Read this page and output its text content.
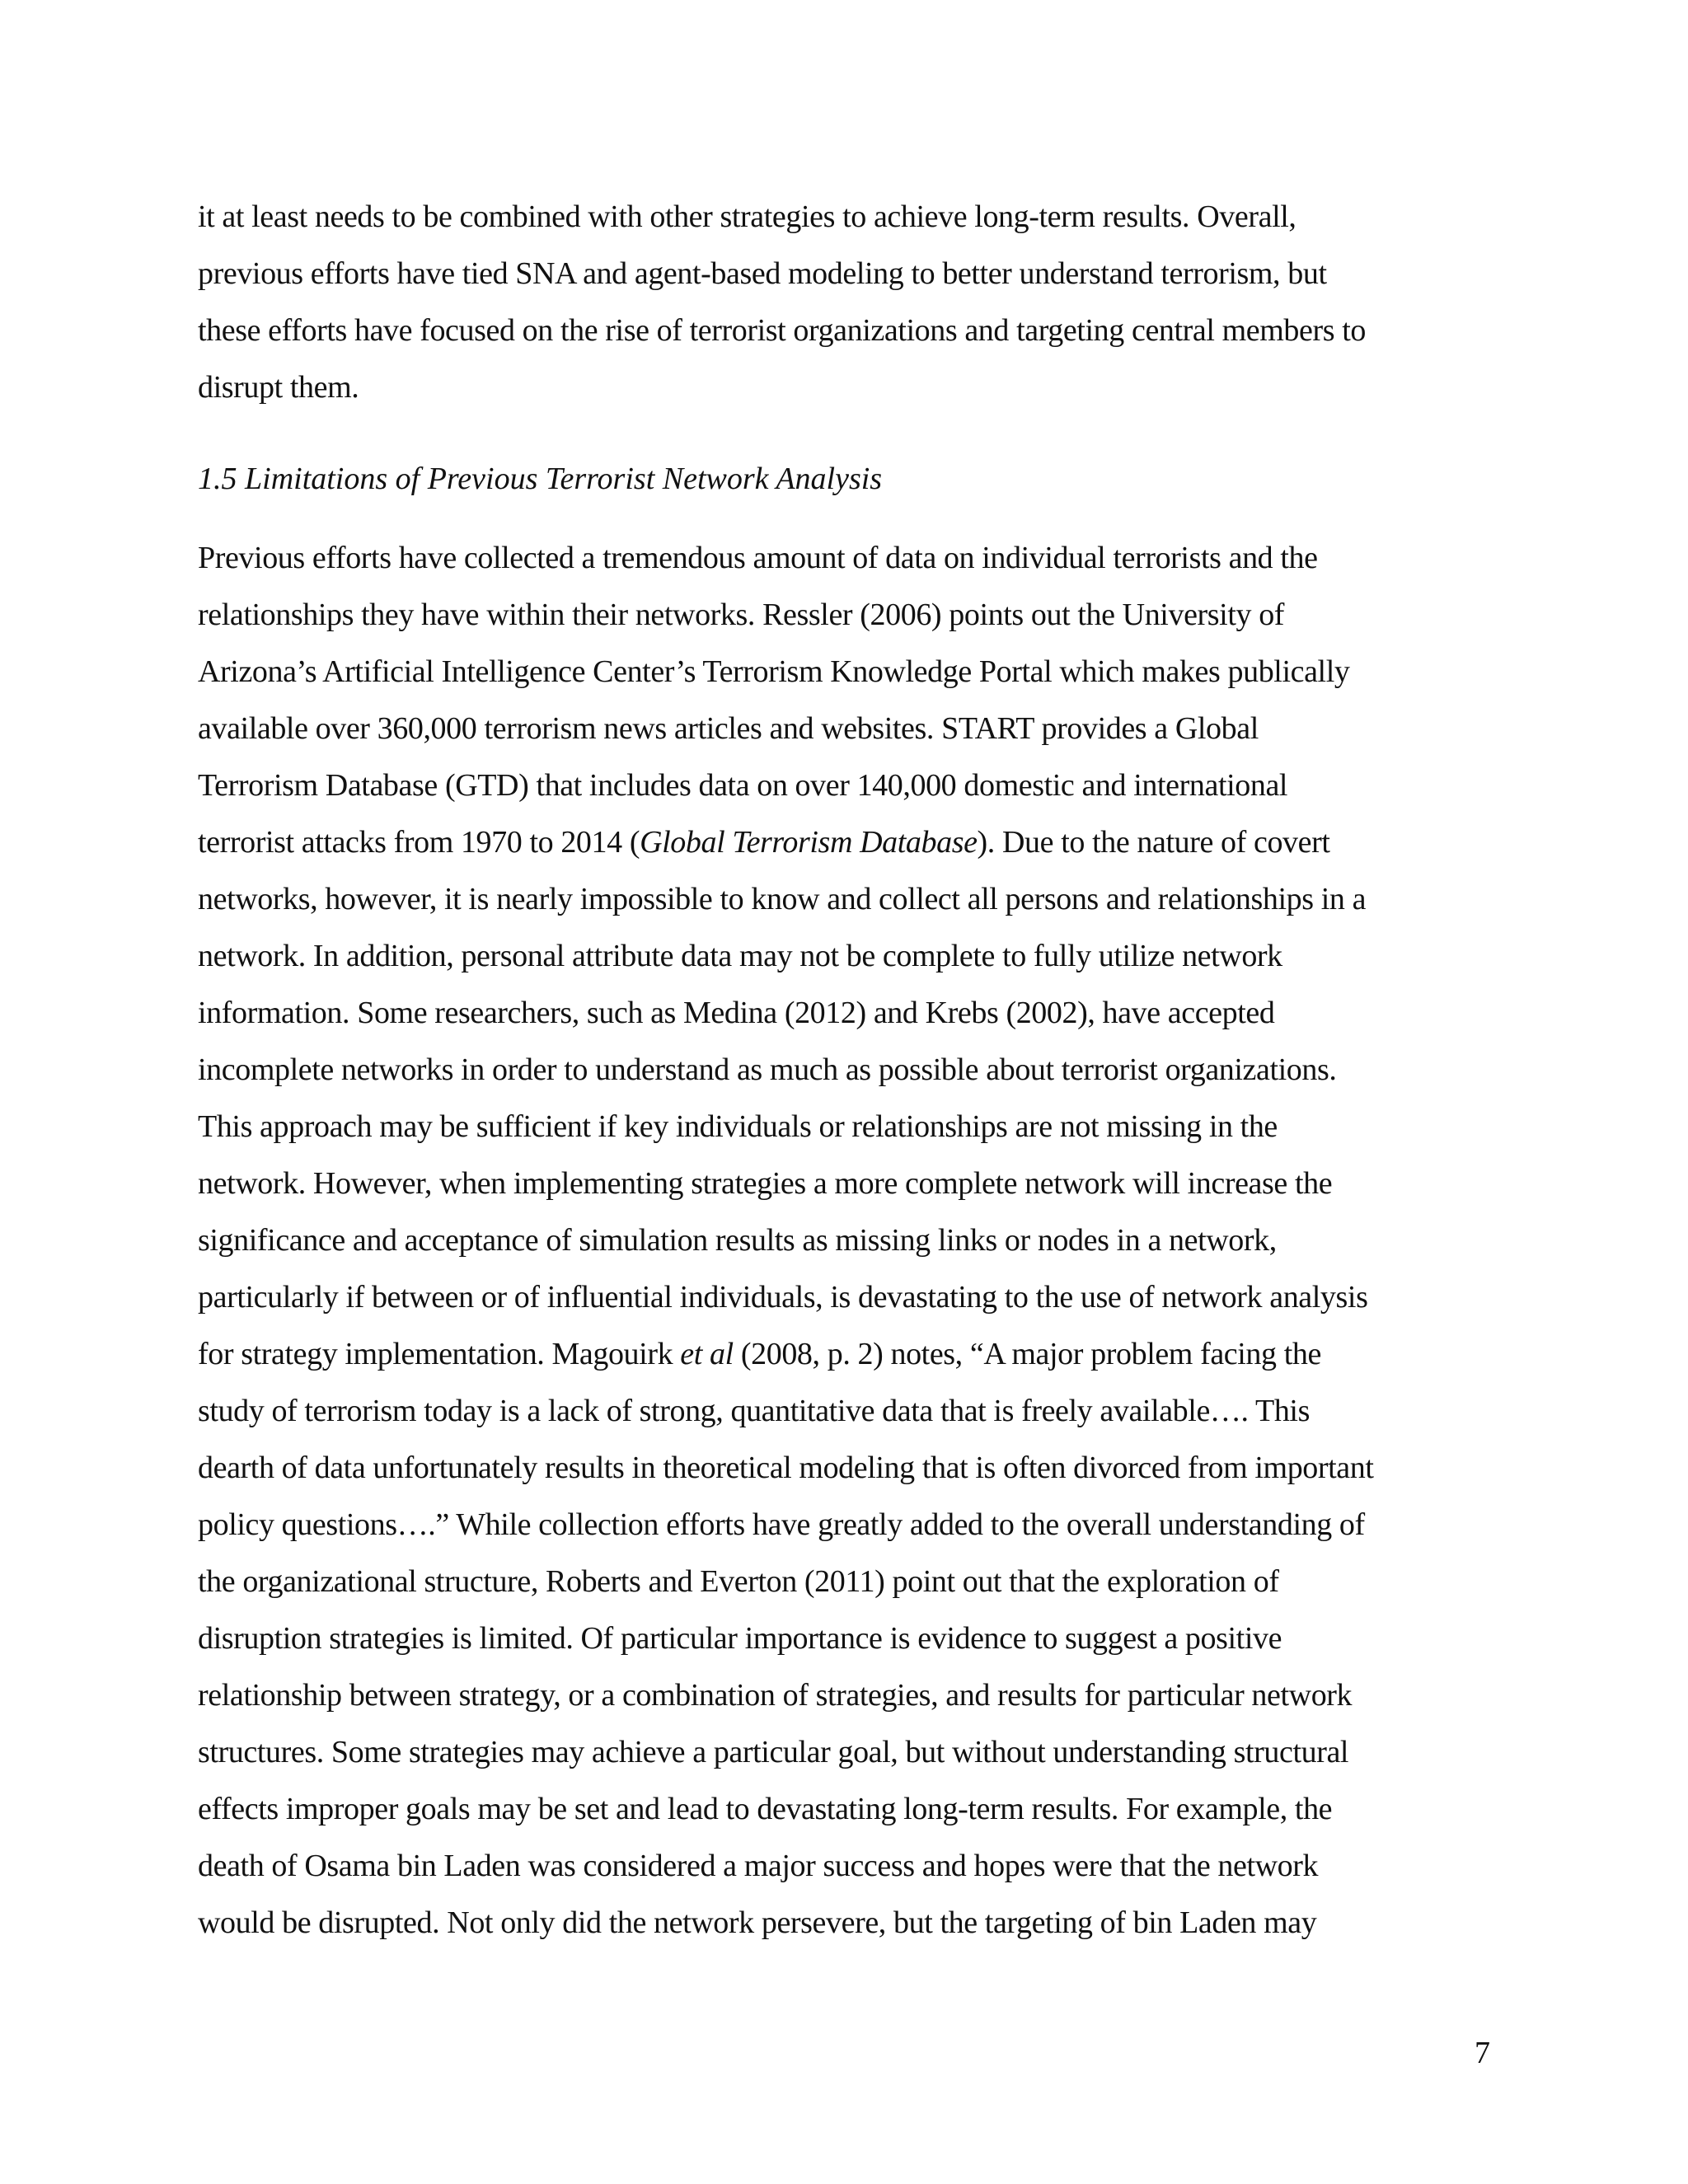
it at least needs to be combined with other strategies to achieve long-term results. Overall,
previous efforts have tied SNA and agent-based modeling to better understand terrorism, but
these efforts have focused on the rise of terrorist organizations and targeting central members to
disrupt them.
1.5 Limitations of Previous Terrorist Network Analysis
Previous efforts have collected a tremendous amount of data on individual terrorists and the
relationships they have within their networks. Ressler (2006) points out the University of
Arizona’s Artificial Intelligence Center’s Terrorism Knowledge Portal which makes publically
available over 360,000 terrorism news articles and websites. START provides a Global
Terrorism Database (GTD) that includes data on over 140,000 domestic and international
terrorist attacks from 1970 to 2014 (Global Terrorism Database). Due to the nature of covert
networks, however, it is nearly impossible to know and collect all persons and relationships in a
network. In addition, personal attribute data may not be complete to fully utilize network
information. Some researchers, such as Medina (2012) and Krebs (2002), have accepted
incomplete networks in order to understand as much as possible about terrorist organizations.
This approach may be sufficient if key individuals or relationships are not missing in the
network. However, when implementing strategies a more complete network will increase the
significance and acceptance of simulation results as missing links or nodes in a network,
particularly if between or of influential individuals, is devastating to the use of network analysis
for strategy implementation. Magouirk et al (2008, p. 2) notes, “A major problem facing the
study of terrorism today is a lack of strong, quantitative data that is freely available…. This
dearth of data unfortunately results in theoretical modeling that is often divorced from important
policy questions….” While collection efforts have greatly added to the overall understanding of
the organizational structure, Roberts and Everton (2011) point out that the exploration of
disruption strategies is limited. Of particular importance is evidence to suggest a positive
relationship between strategy, or a combination of strategies, and results for particular network
structures. Some strategies may achieve a particular goal, but without understanding structural
effects improper goals may be set and lead to devastating long-term results. For example, the
death of Osama bin Laden was considered a major success and hopes were that the network
would be disrupted. Not only did the network persevere, but the targeting of bin Laden may
7
